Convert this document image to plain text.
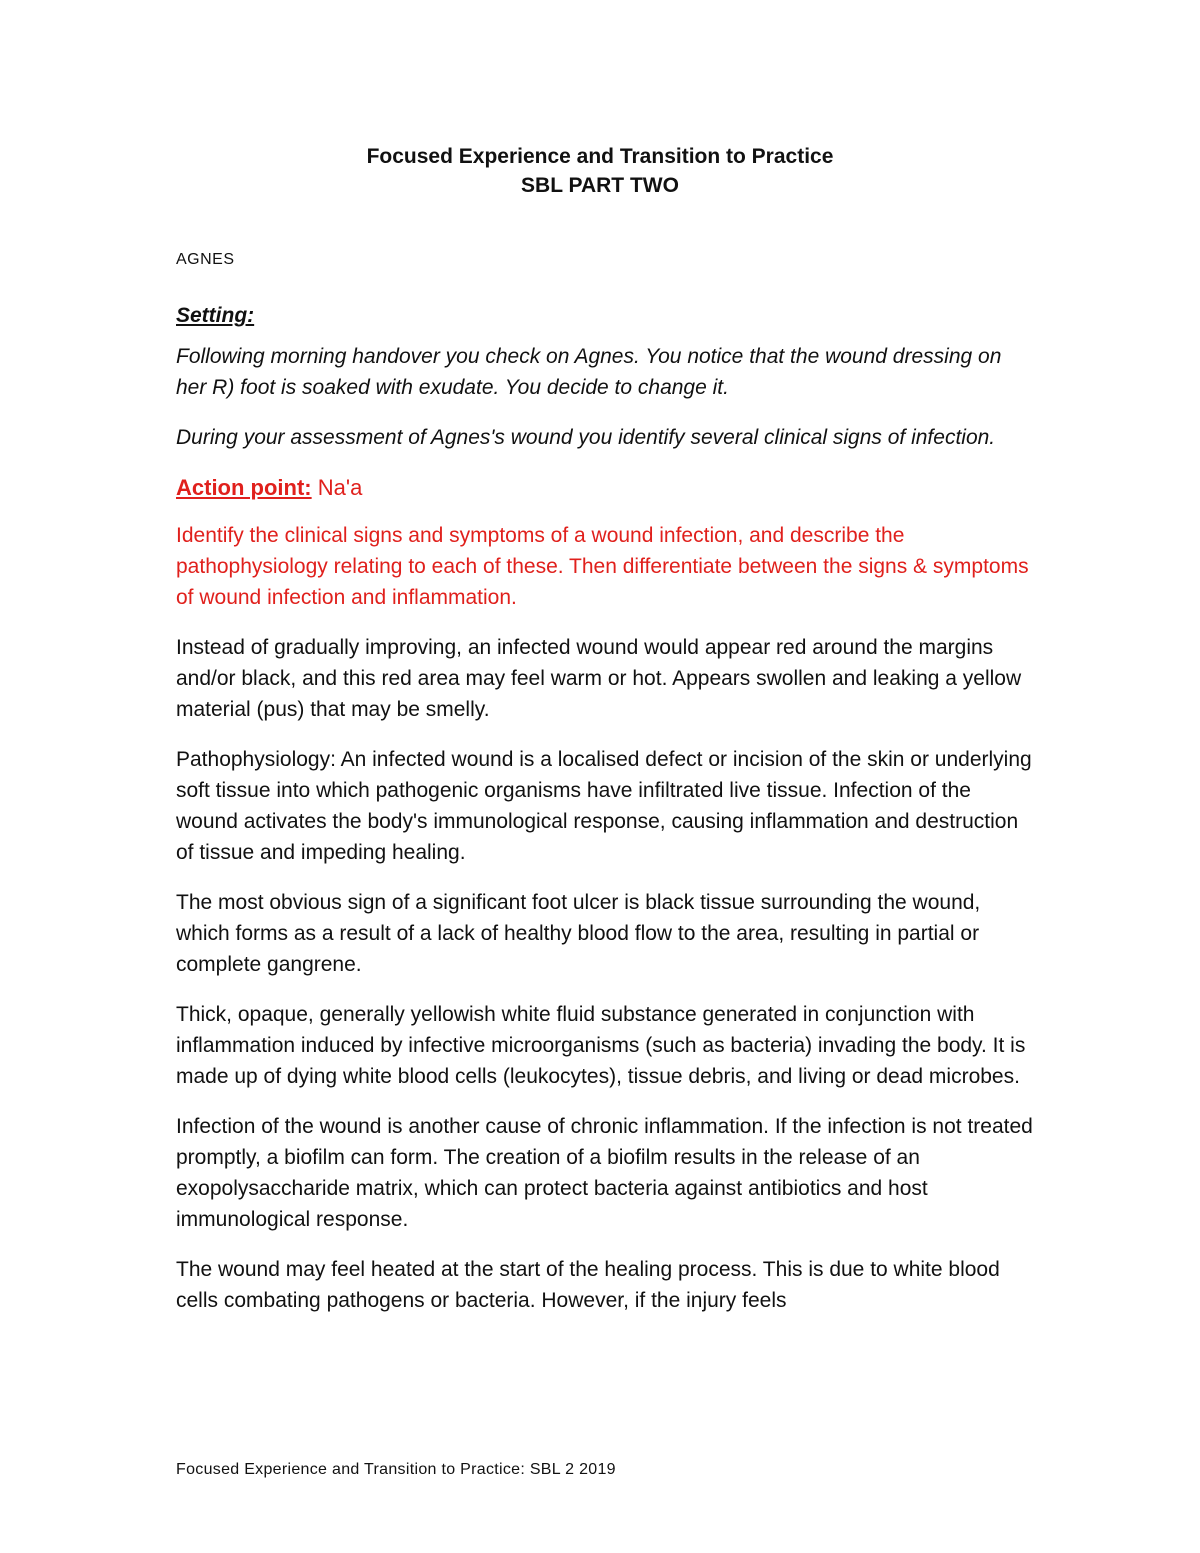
Focused Experience and Transition to Practice
SBL PART TWO
AGNES
Setting:

Following morning handover you check on Agnes. You notice that the wound dressing on her R) foot is soaked with exudate. You decide to change it.

During your assessment of Agnes's wound you identify several clinical signs of infection.

Action point: Na'a

Identify the clinical signs and symptoms of a wound infection, and describe the pathophysiology relating to each of these. Then differentiate between the signs & symptoms of wound infection and inflammation.

Instead of gradually improving, an infected wound would appear red around the margins and/or black, and this red area may feel warm or hot. Appears swollen and leaking a yellow material (pus) that may be smelly.

Pathophysiology: An infected wound is a localised defect or incision of the skin or underlying soft tissue into which pathogenic organisms have infiltrated live tissue. Infection of the wound activates the body's immunological response, causing inflammation and destruction of tissue and impeding healing.

The most obvious sign of a significant foot ulcer is black tissue surrounding the wound, which forms as a result of a lack of healthy blood flow to the area, resulting in partial or complete gangrene.

Thick, opaque, generally yellowish white fluid substance generated in conjunction with inflammation induced by infective microorganisms (such as bacteria) invading the body. It is made up of dying white blood cells (leukocytes), tissue debris, and living or dead microbes.

Infection of the wound is another cause of chronic inflammation. If the infection is not treated promptly, a biofilm can form. The creation of a biofilm results in the release of an exopolysaccharide matrix, which can protect bacteria against antibiotics and host immunological response.

The wound may feel heated at the start of the healing process. This is due to white blood cells combating pathogens or bacteria. However, if the injury feels

Focused Experience and Transition to Practice: SBL 2 2019
